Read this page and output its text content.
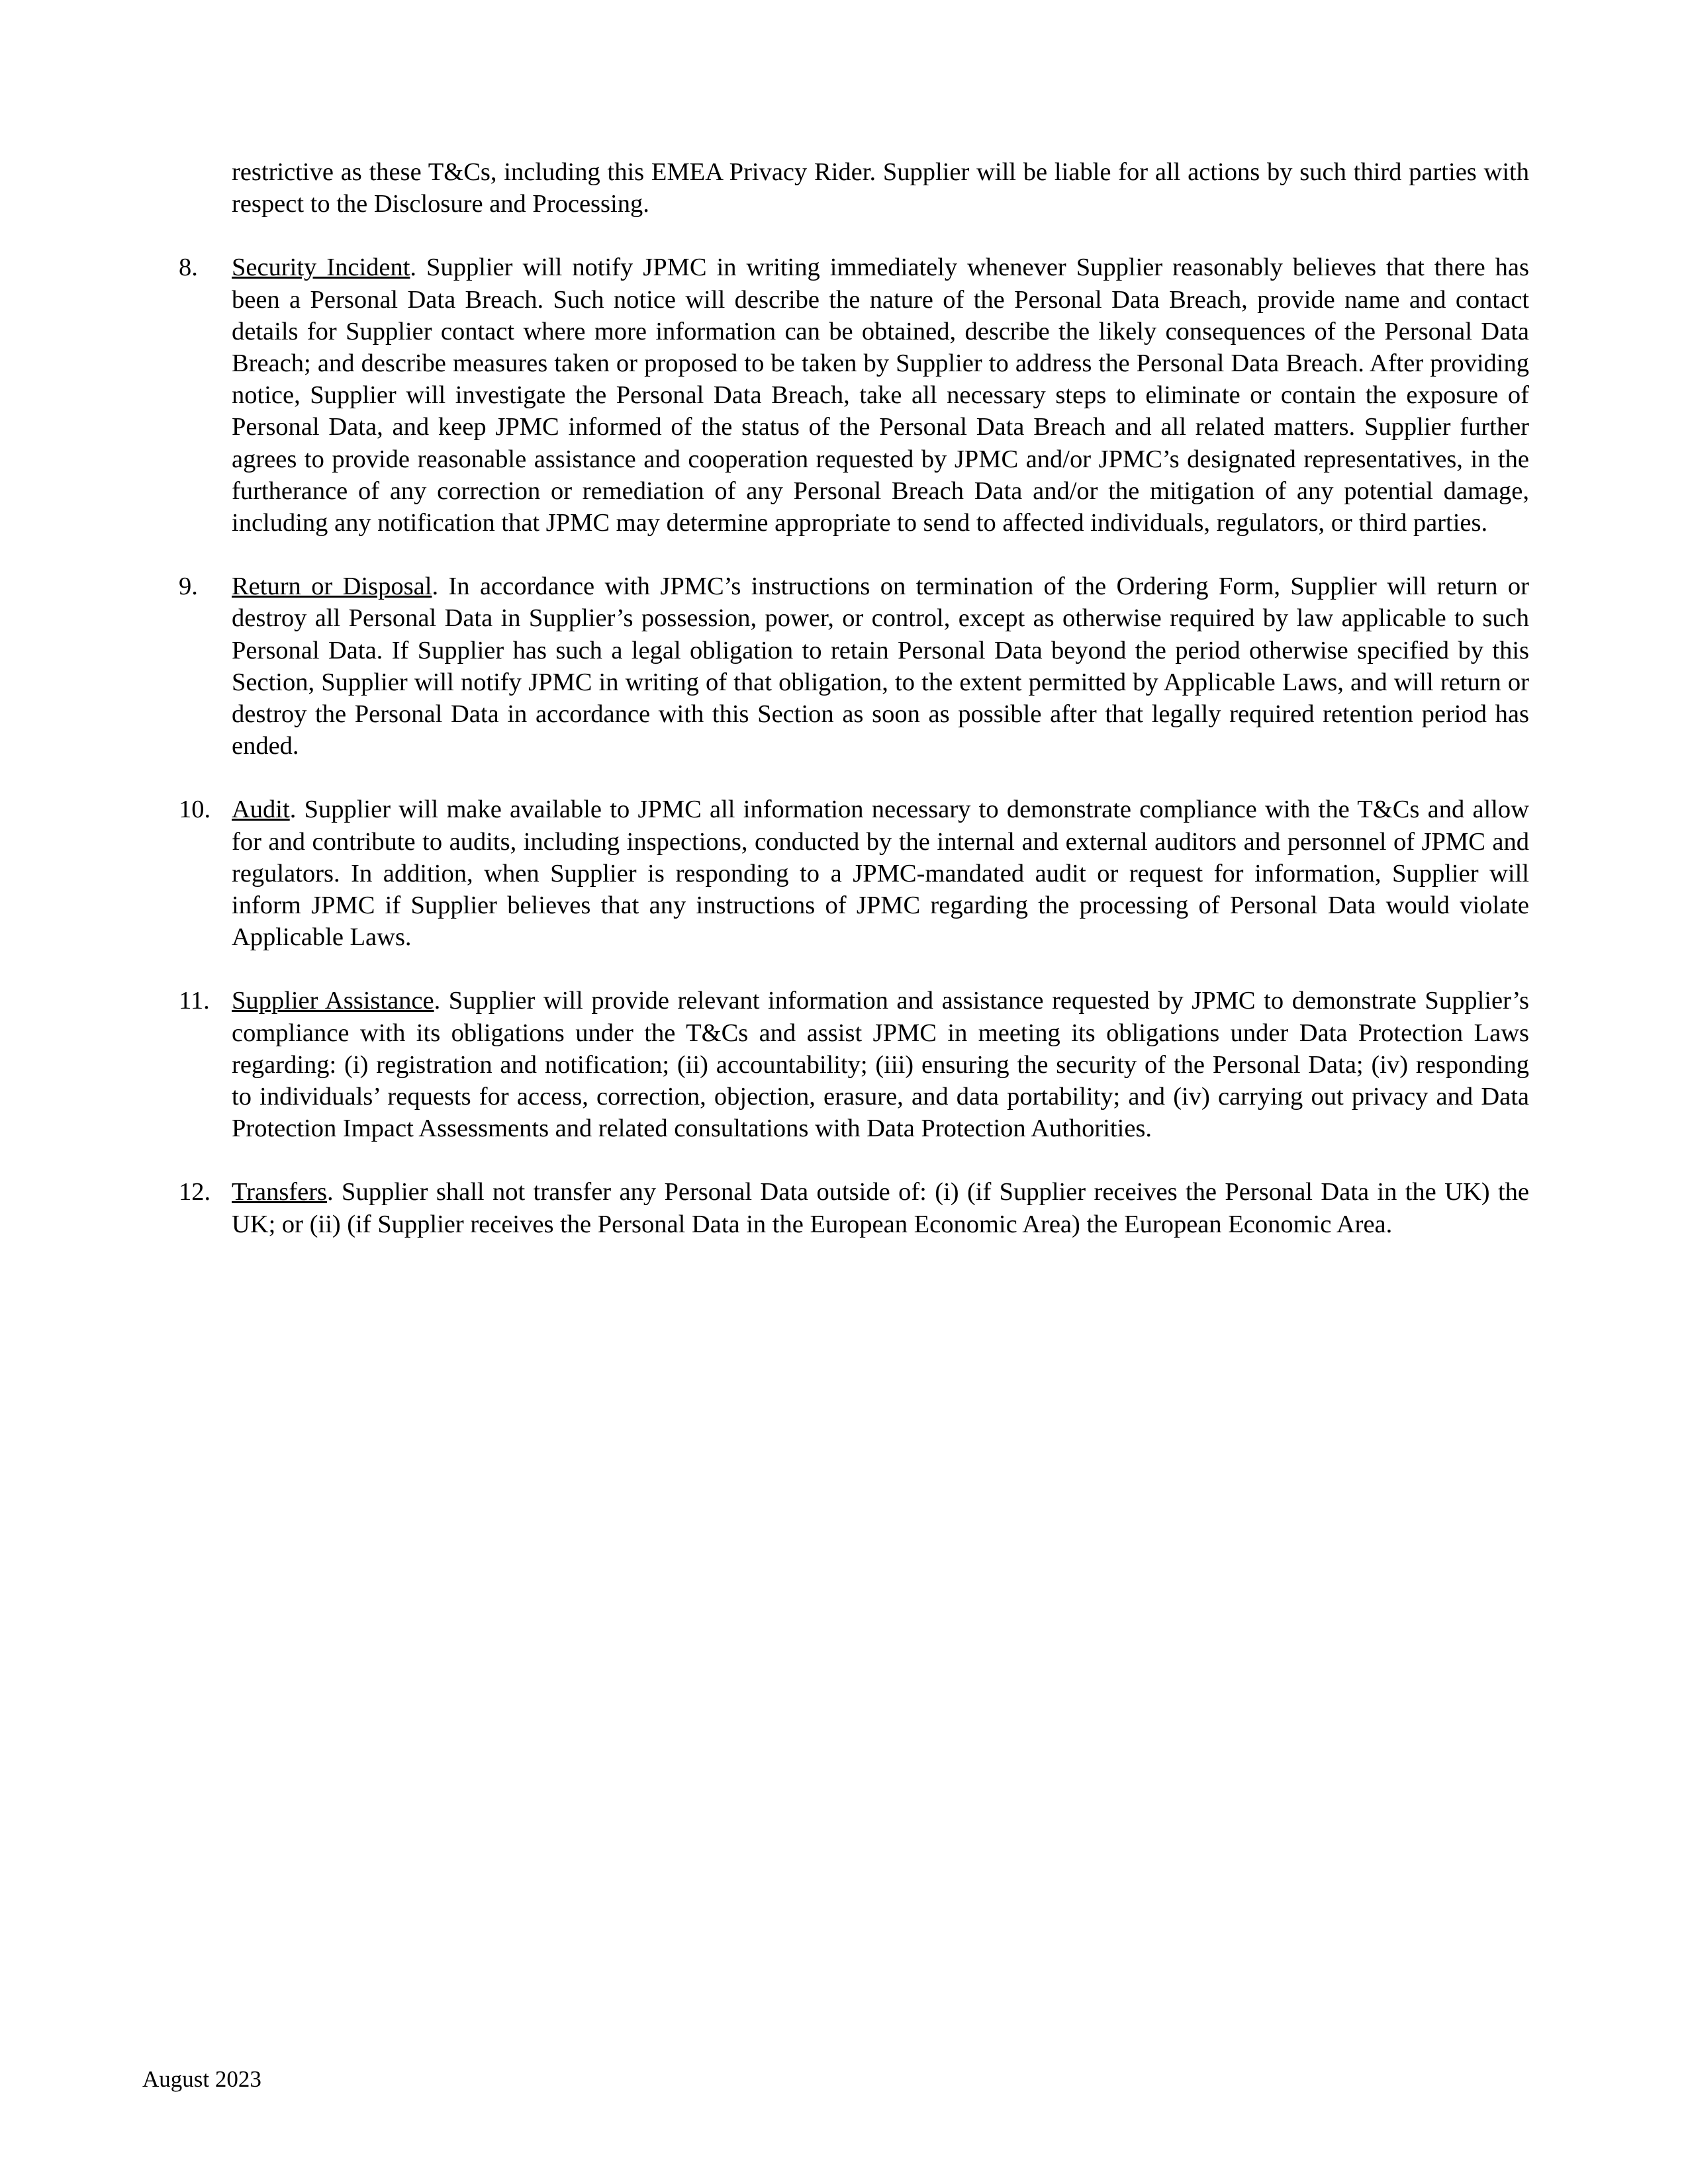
restrictive as these T&Cs, including this EMEA Privacy Rider. Supplier will be liable for all actions by such third parties with respect to the Disclosure and Processing.

8. Security Incident. Supplier will notify JPMC in writing immediately whenever Supplier reasonably believes that there has been a Personal Data Breach. Such notice will describe the nature of the Personal Data Breach, provide name and contact details for Supplier contact where more information can be obtained, describe the likely consequences of the Personal Data Breach; and describe measures taken or proposed to be taken by Supplier to address the Personal Data Breach. After providing notice, Supplier will investigate the Personal Data Breach, take all necessary steps to eliminate or contain the exposure of Personal Data, and keep JPMC informed of the status of the Personal Data Breach and all related matters. Supplier further agrees to provide reasonable assistance and cooperation requested by JPMC and/or JPMC’s designated representatives, in the furtherance of any correction or remediation of any Personal Breach Data and/or the mitigation of any potential damage, including any notification that JPMC may determine appropriate to send to affected individuals, regulators, or third parties.
9. Return or Disposal. In accordance with JPMC’s instructions on termination of the Ordering Form, Supplier will return or destroy all Personal Data in Supplier’s possession, power, or control, except as otherwise required by law applicable to such Personal Data. If Supplier has such a legal obligation to retain Personal Data beyond the period otherwise specified by this Section, Supplier will notify JPMC in writing of that obligation, to the extent permitted by Applicable Laws, and will return or destroy the Personal Data in accordance with this Section as soon as possible after that legally required retention period has ended.
10. Audit. Supplier will make available to JPMC all information necessary to demonstrate compliance with the T&Cs and allow for and contribute to audits, including inspections, conducted by the internal and external auditors and personnel of JPMC and regulators. In addition, when Supplier is responding to a JPMC-mandated audit or request for information, Supplier will inform JPMC if Supplier believes that any instructions of JPMC regarding the processing of Personal Data would violate Applicable Laws.
11. Supplier Assistance. Supplier will provide relevant information and assistance requested by JPMC to demonstrate Supplier’s compliance with its obligations under the T&Cs and assist JPMC in meeting its obligations under Data Protection Laws regarding: (i) registration and notification; (ii) accountability; (iii) ensuring the security of the Personal Data; (iv) responding to individuals’ requests for access, correction, objection, erasure, and data portability; and (iv) carrying out privacy and Data Protection Impact Assessments and related consultations with Data Protection Authorities.
12. Transfers. Supplier shall not transfer any Personal Data outside of: (i) (if Supplier receives the Personal Data in the UK) the UK; or (ii) (if Supplier receives the Personal Data in the European Economic Area) the European Economic Area.
August 2023
